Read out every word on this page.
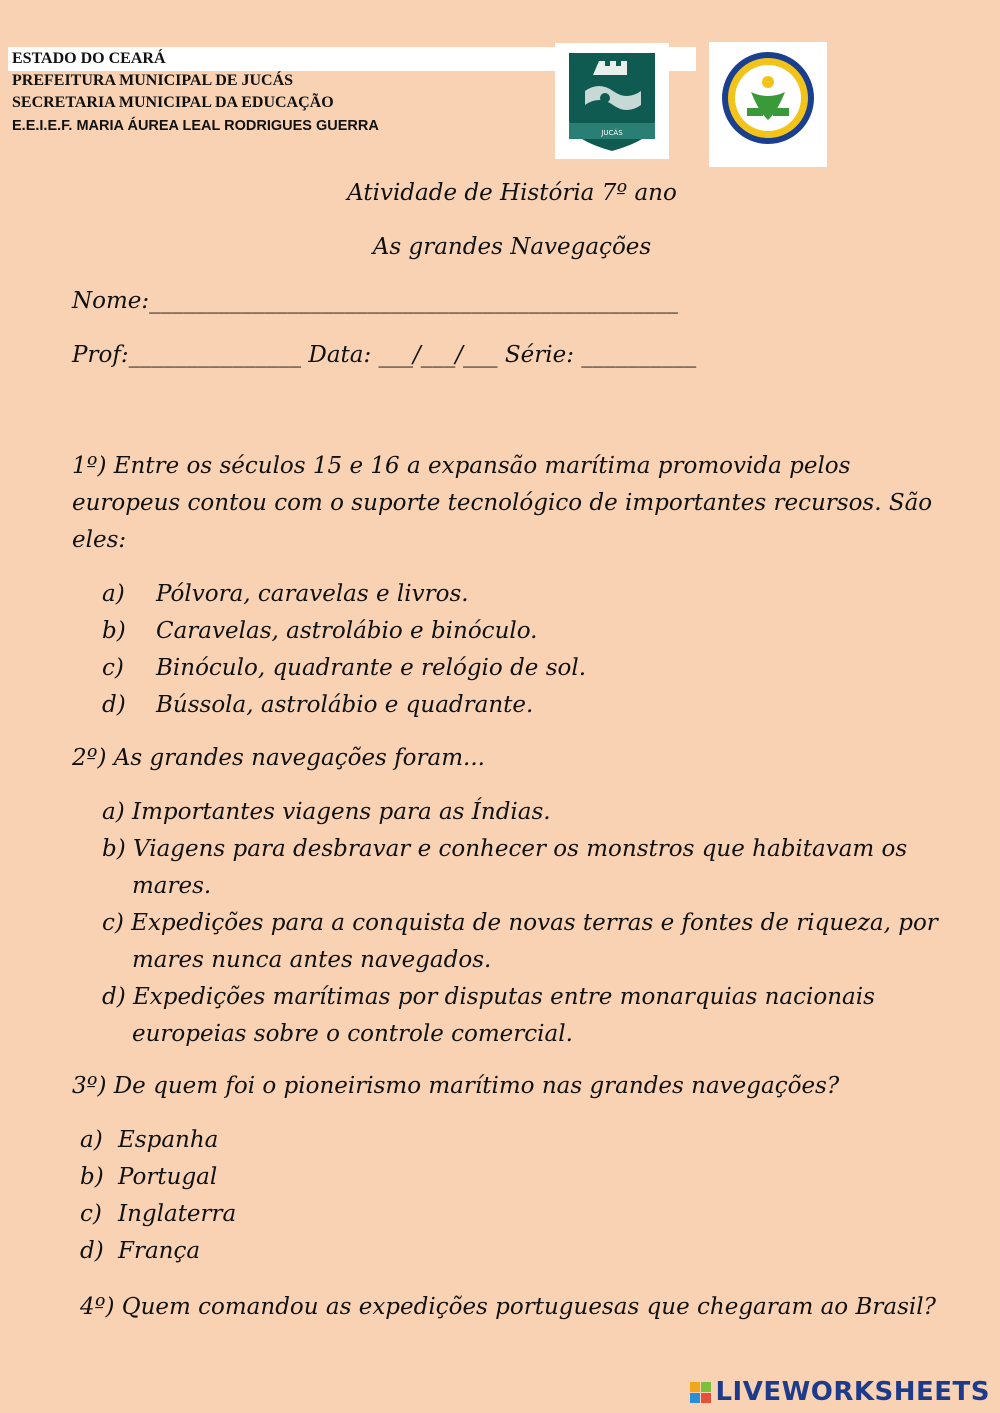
ESTADO DO CEARÁ
PREFEITURA MUNICIPAL DE JUCÁS
SECRETARIA MUNICIPAL DA EDUCAÇÃO
E.E.I.E.F. MARIA ÁUREA LEAL RODRIGUES GUERRA	JUCÁS
Atividade de História 7º ano
As grandes Navegações
Nome:______________________________________________
Prof:_______________ Data: ___/___/___ Série: __________
1º) Entre os séculos 15 e 16 a expansão marítima promovida pelos europeus contou com o suporte tecnológico de importantes recursos. São eles:
a) Pólvora, caravelas e livros.
b) Caravelas, astrolábio e binóculo.
c) Binóculo, quadrante e relógio de sol.
d) Bússola, astrolábio e quadrante.
2º) As grandes navegações foram...
a) Importantes viagens para as Índias.
b) Viagens para desbravar e conhecer os monstros que habitavam os mares.
c) Expedições para a conquista de novas terras e fontes de riqueza, por mares nunca antes navegados.
d) Expedições marítimas por disputas entre monarquias nacionais europeias sobre o controle comercial.
3º) De quem foi o pioneirismo marítimo nas grandes navegações?
a) Espanha
b) Portugal
c) Inglaterra
d) França
4º) Quem comandou as expedições portuguesas que chegaram ao Brasil?
LIVEWORKSHEETS
